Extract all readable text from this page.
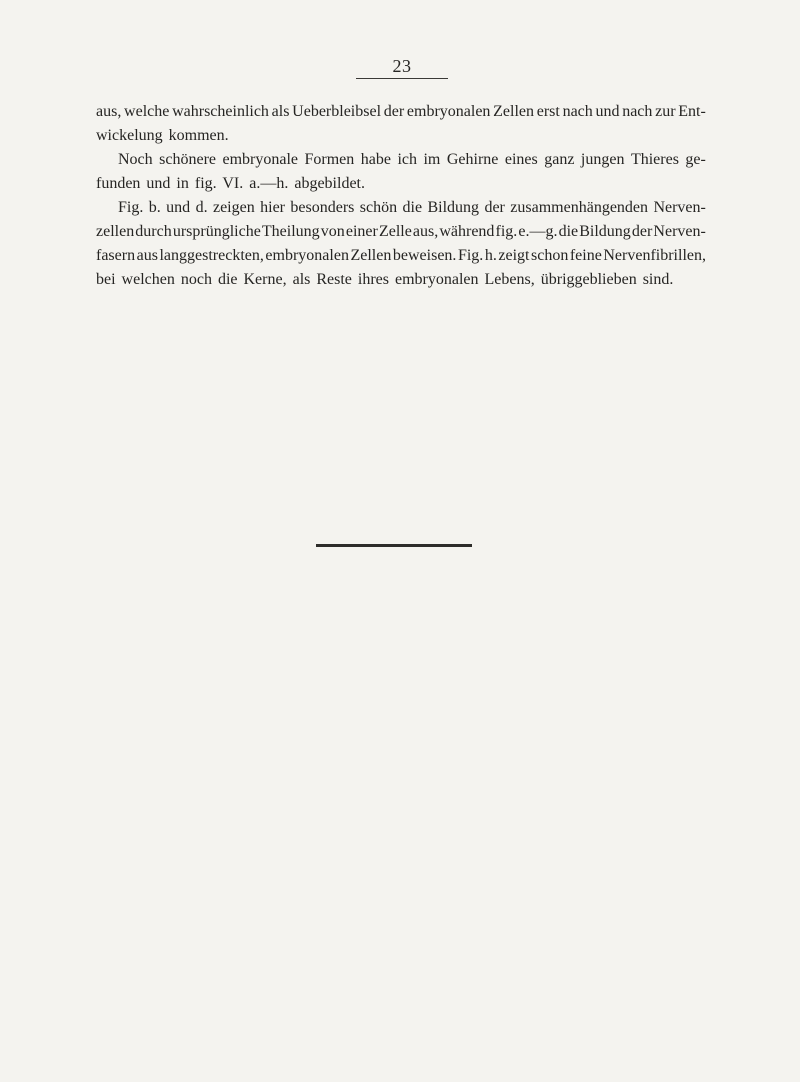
23
aus, welche wahrscheinlich als Ueberbleibsel der embryonalen Zellen erst nach und nach zur Ent-
wickelung kommen.
Noch schönere embryonale Formen habe ich im Gehirne eines ganz jungen Thieres ge-
funden und in fig. VI. a.—h. abgebildet.
Fig. b. und d. zeigen hier besonders schön die Bildung der zusammenhängenden Nerven-
zellen durch ursprüngliche Theilung von einer Zelle aus, während fig. e.—g. die Bildung der Nerven-
fasern aus langgestreckten, embryonalen Zellen beweisen. Fig. h. zeigt schon feine Nervenfibrillen,
bei welchen noch die Kerne, als Reste ihres embryonalen Lebens, übriggeblieben sind.
